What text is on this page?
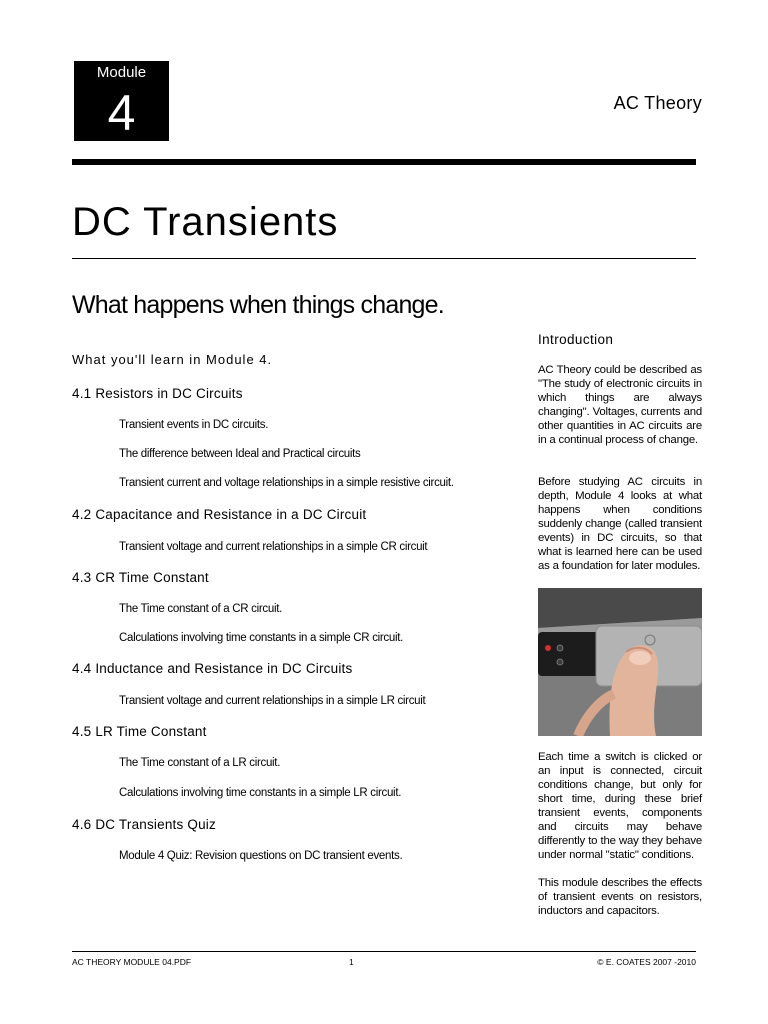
Module
4	AC Theory
DC Transients
What happens when things change.
What you'll learn in Module 4.
4.1 Resistors in DC Circuits
Transient events in DC circuits.
The difference between Ideal and Practical circuits
Transient current and voltage relationships in a simple resistive circuit.
4.2 Capacitance and Resistance in a DC Circuit
Transient voltage and current relationships in a simple CR circuit
4.3 CR Time Constant
The Time constant of a CR circuit.
Calculations involving time constants in a simple CR circuit.
4.4 Inductance and Resistance in DC Circuits
Transient voltage and current relationships in a simple LR circuit
4.5 LR Time Constant
The Time constant of a LR circuit.
Calculations involving time constants in a simple LR circuit.
4.6 DC Transients Quiz
Module 4 Quiz: Revision questions on DC transient events.
Introduction
AC Theory could be described as "The study of electronic circuits in which things are always changing". Voltages, currents and other quantities in AC circuits are in a continual process of change.
Before studying AC circuits in depth, Module 4 looks at what happens when conditions suddenly change (called transient events) in DC circuits, so that what is learned here can be used as a foundation for later modules.
Each time a switch is clicked or an input is connected, circuit conditions change, but only for short time, during these brief transient events, components and circuits may behave differently to the way they behave under normal "static" conditions.
This module describes the effects of transient events on resistors, inductors and capacitors.
AC THEORY MODULE 04.PDF	1	© E. COATES 2007 -2010
